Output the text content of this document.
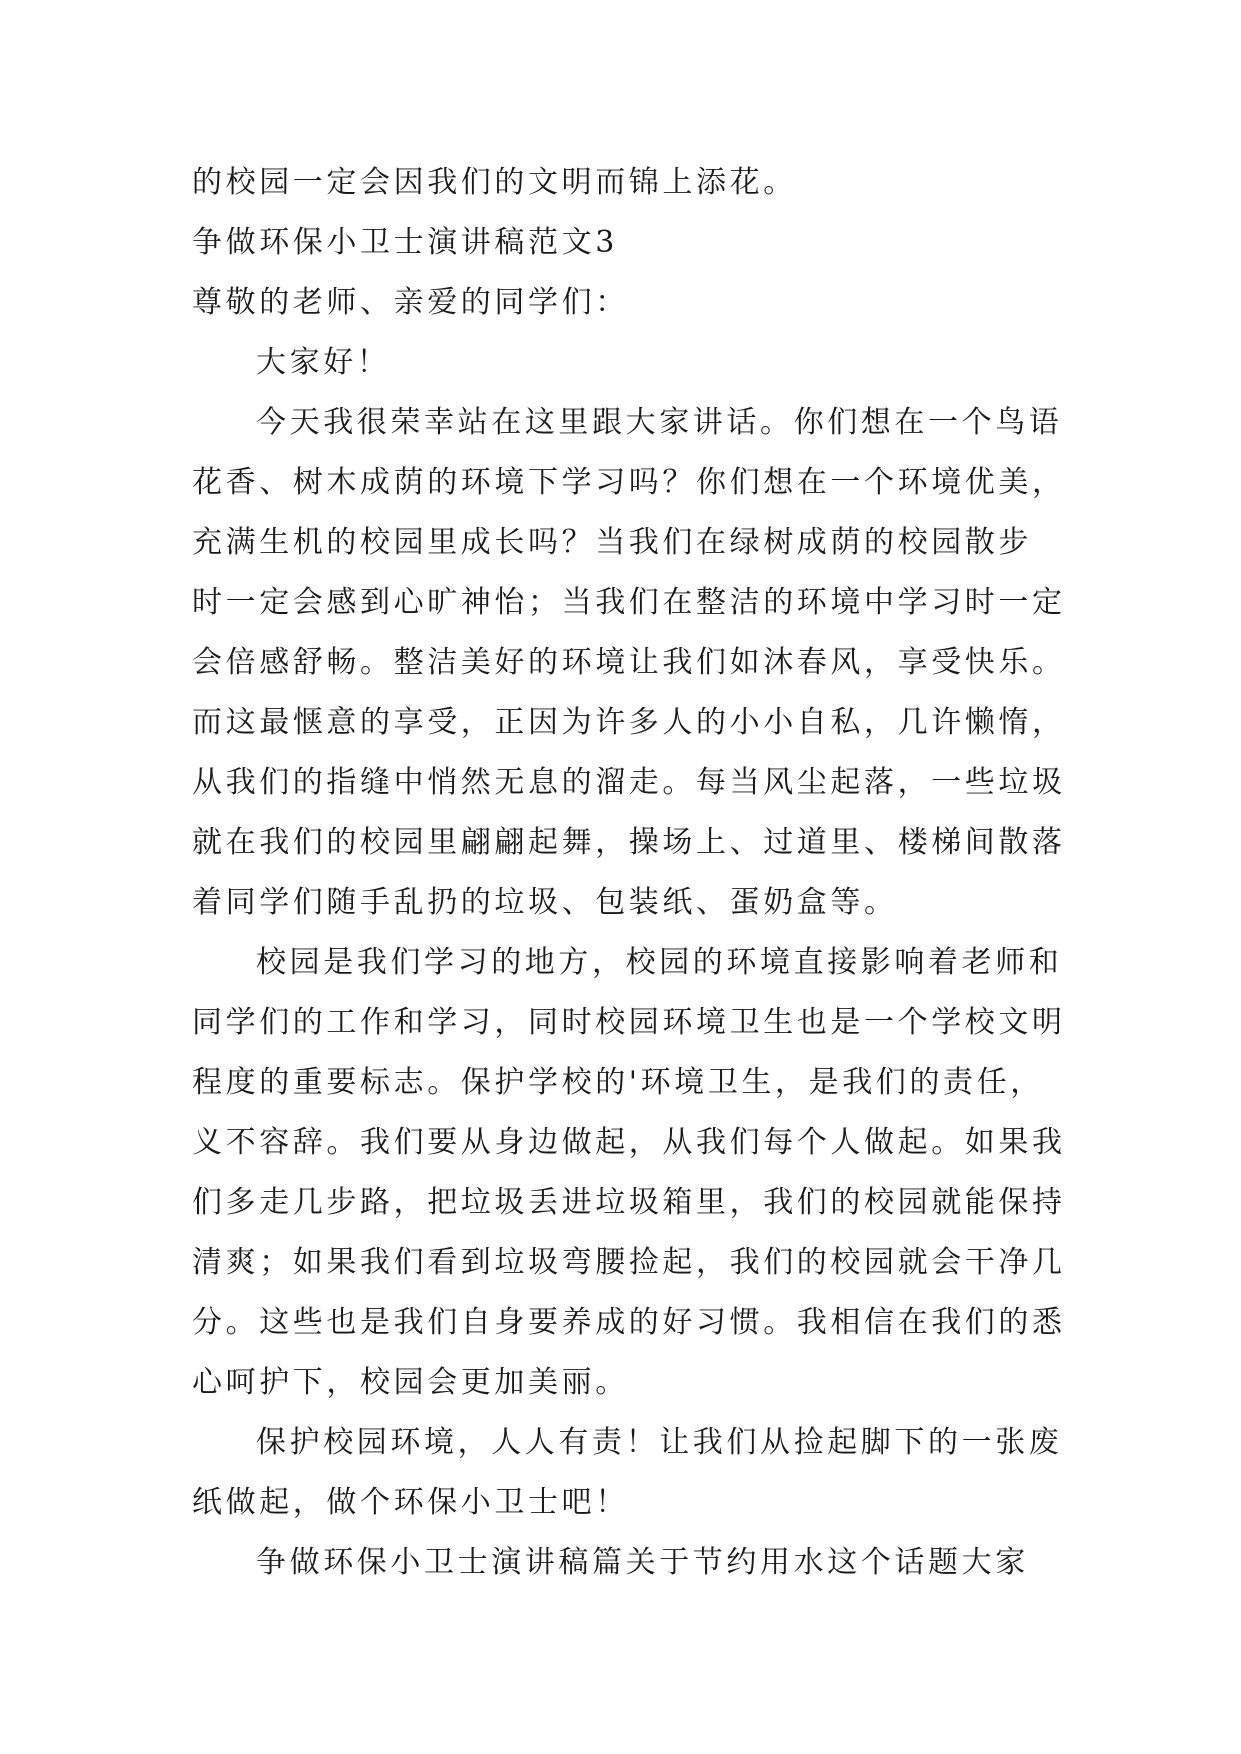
的校园一定会因我们的文明而锦上添花。
争做环保小卫士演讲稿范文3
尊敬的老师、亲爱的同学们：
大家好！
今天我很荣幸站在这里跟大家讲话。你们想在一个鸟语
花香、树木成荫的环境下学习吗？你们想在一个环境优美，
充满生机的校园里成长吗？当我们在绿树成荫的校园散步
时一定会感到心旷神怡；当我们在整洁的环境中学习时一定
会倍感舒畅。整洁美好的环境让我们如沐春风，享受快乐。
而这最惬意的享受，正因为许多人的小小自私，几许懒惰，
从我们的指缝中悄然无息的溜走。每当风尘起落，一些垃圾
就在我们的校园里翩翩起舞，操场上、过道里、楼梯间散落
着同学们随手乱扔的垃圾、包装纸、蛋奶盒等。
校园是我们学习的地方，校园的环境直接影响着老师和
同学们的工作和学习，同时校园环境卫生也是一个学校文明
程度的重要标志。保护学校的'环境卫生，是我们的责任，
义不容辞。我们要从身边做起，从我们每个人做起。如果我
们多走几步路，把垃圾丢进垃圾箱里，我们的校园就能保持
清爽；如果我们看到垃圾弯腰捡起，我们的校园就会干净几
分。这些也是我们自身要养成的好习惯。我相信在我们的悉
心呵护下，校园会更加美丽。
保护校园环境，人人有责！让我们从捡起脚下的一张废
纸做起，做个环保小卫士吧！
争做环保小卫士演讲稿篇关于节约用水这个话题大家
